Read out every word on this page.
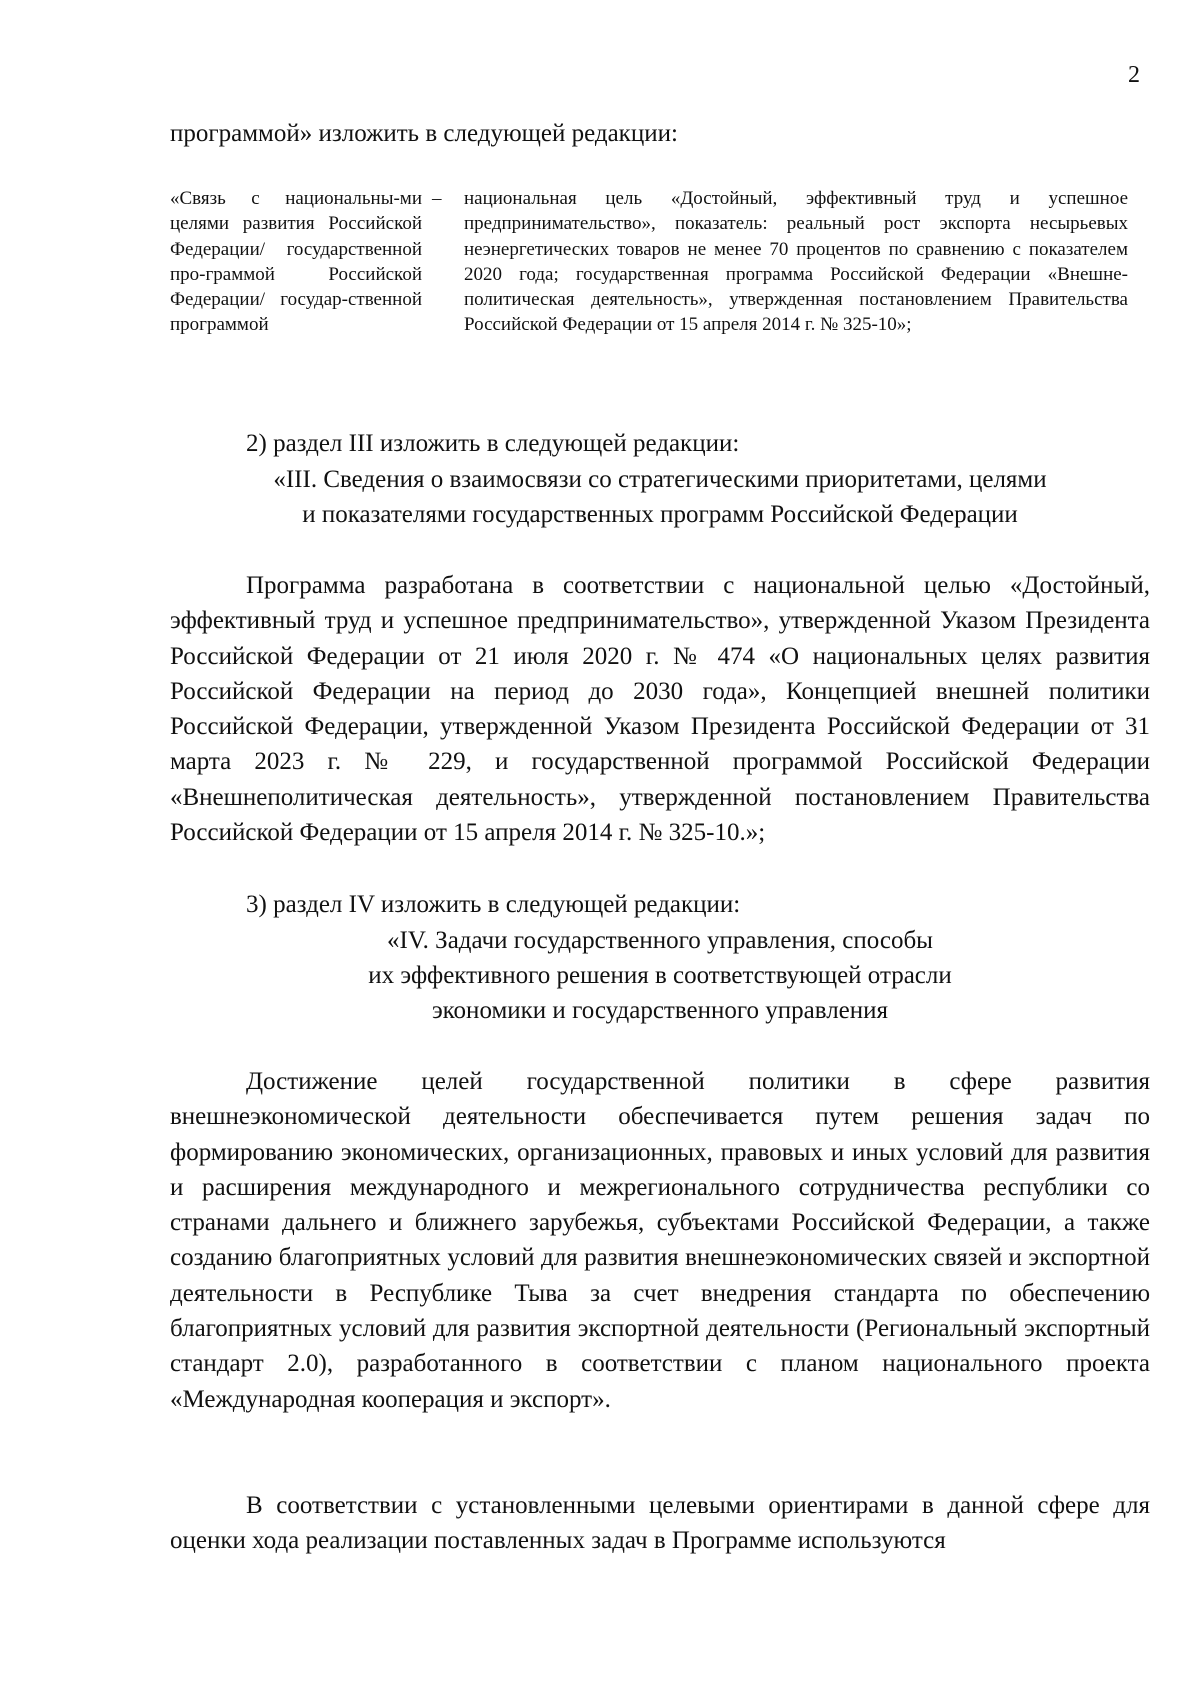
2

программой» изложить в следующей редакции:

«Связь с национальны-ми целями развития Российской Федерации/ государственной про-граммой Российской Федерации/ государ-ственной программой

– национальная цель «Достойный, эффективный труд и успешное предпринимательство», показатель: реальный рост экспорта несырьевых неэнергетических товаров не менее 70 процентов по сравнению с показателем 2020 года; государственная программа Российской Федерации «Внешне-политическая деятельность», утвержденная постановлением Правительства Российской Федерации от 15 апреля 2014 г. № 325-10»;

2) раздел III изложить в следующей редакции:

«III. Сведения о взаимосвязи со стратегическими приоритетами, целями

и показателями государственных программ Российской Федерации

Программа разработана в соответствии с национальной целью «Достойный, эффективный труд и успешное предпринимательство», утвержденной Указом Президента Российской Федерации от 21 июля 2020 г. № 474 «О национальных целях развития Российской Федерации на период до 2030 года», Концепцией внешней политики Российской Федерации, утвержденной Указом Президента Российской Федерации от 31 марта 2023 г. № 229, и государственной программой Российской Федерации «Внешнеполитическая деятельность», утвержденной постановлением Правительства Российской Федерации от 15 апреля 2014 г. № 325-10.»;

3) раздел IV изложить в следующей редакции:

«IV. Задачи государственного управления, способы

их эффективного решения в соответствующей отрасли

экономики и государственного управления

Достижение целей государственной политики в сфере развития внешнеэкономической деятельности обеспечивается путем решения задач по формированию экономических, организационных, правовых и иных условий для развития и расширения международного и межрегионального сотрудничества республики со странами дальнего и ближнего зарубежья, субъектами Российской Федерации, а также созданию благоприятных условий для развития внешнеэкономических связей и экспортной деятельности в Республике Тыва за счет внедрения стандарта по обеспечению благоприятных условий для развития экспортной деятельности (Региональный экспортный стандарт 2.0), разработанного в соответствии с планом национального проекта «Международная кооперация и экспорт».

В соответствии с установленными целевыми ориентирами в данной сфере для оценки хода реализации поставленных задач в Программе используются
